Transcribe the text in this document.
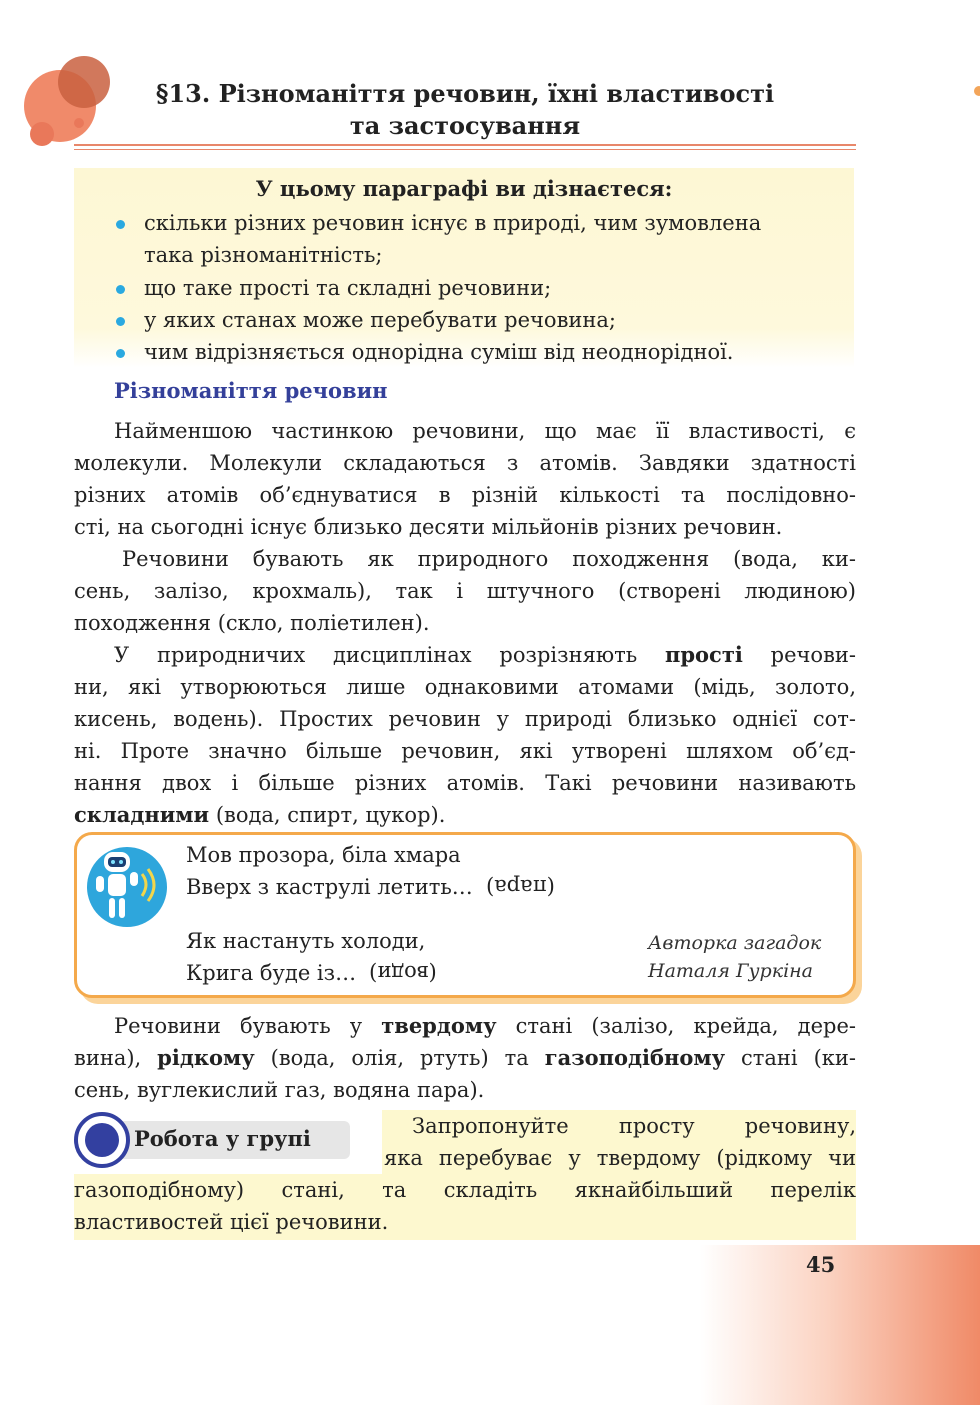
§13. Різноманіття речовин, їхні властивості
та застосування
У цьому параграфі ви дізнаєтеся:
скільки різних речовин існує в природі, чим зумовлена
така різноманітність;
що таке прості та складні речовини;
у яких станах може перебувати речовина;
чим відрізняється однорідна суміш від неоднорідної.
Різноманіття речовин
Найменшою частинкою речовини, що має її властивості, є
молекули. Молекули складаються з атомів. Завдяки здатності
різних атомів об’єднуватися в різній кількості та послідовно-
сті, на сьогодні існує близько десяти мільйонів різних речовин.
Речовини бувають як природного походження (вода, ки-
сень, залізо, крохмаль), так і штучного (створені людиною)
походження (скло, поліетилен).
У природничих дисциплінах розрізняють прості речови-
ни, які утворюються лише однаковими атомами (мідь, золото,
кисень, водень). Простих речовин у природі близько однієї сот-
ні. Проте значно більше речовин, які утворені шляхом об’єд-
нання двох і більше різних атомів. Такі речовини називають
складними (вода, спирт, цукор).
Мов прозора, біла хмара
Вверх з каструлі летить… (пара)
Як настануть холоди,
Крига буде із… (води)
Авторка загадок
Наталя Гуркіна
Речовини бувають у твердому стані (залізо, крейда, дере-
вина), рідкому (вода, олія, ртуть) та газоподібному стані (ки-
сень, вуглекислий газ, водяна пара).
Робота у групі	Запропонуйте просту речовину,
яка перебуває у твердому (рідкому чи
газоподібному) стані, та складіть якнайбільший перелік
властивостей цієї речовини.
45
